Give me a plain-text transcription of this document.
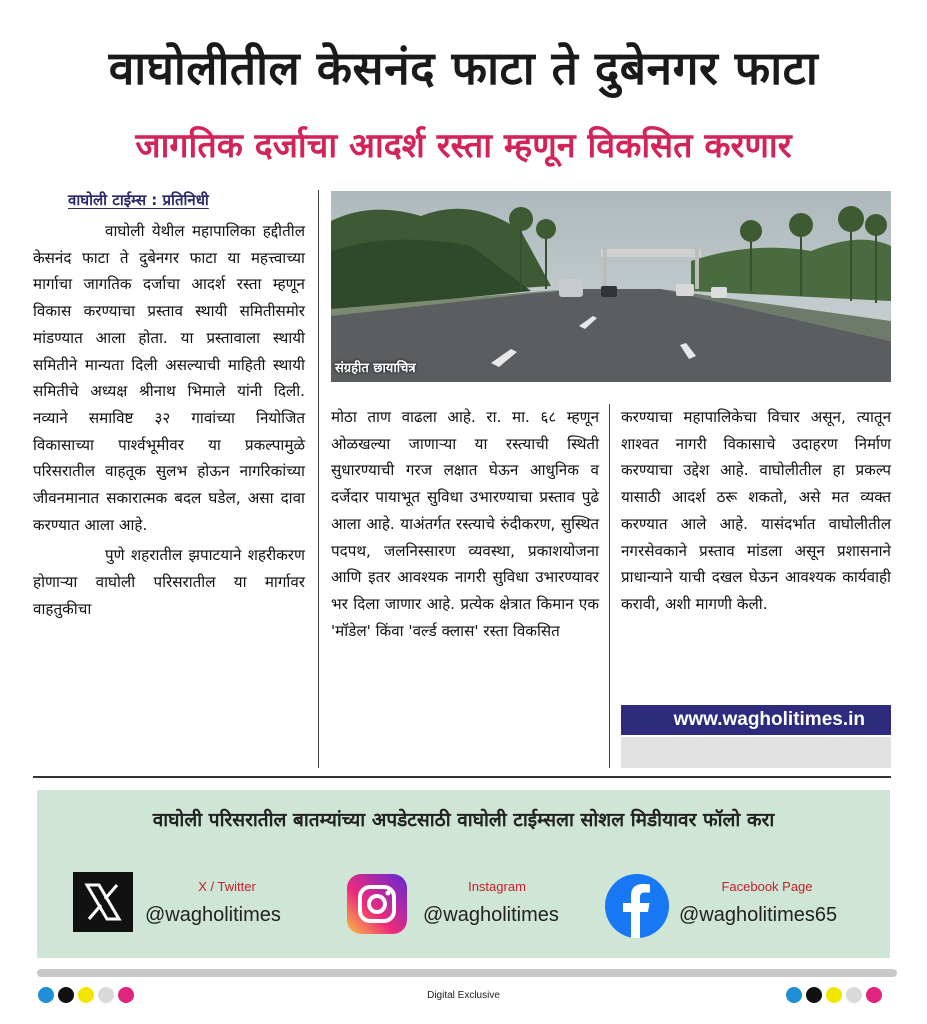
वाघोलीतील केसनंद फाटा ते दुबेनगर फाटा
जागतिक दर्जाचा आदर्श रस्ता म्हणून विकसित करणार
वाघोली टाईम्स : प्रतिनिधी

वाघोली येथील महापालिका हद्दीतील केसनंद फाटा ते दुबेनगर फाटा या महत्त्वाच्या मार्गाचा जागतिक दर्जाचा आदर्श रस्ता म्हणून विकास करण्याचा प्रस्ताव स्थायी समितीसमोर मांडण्यात आला होता. या प्रस्तावाला स्थायी समितीने मान्यता दिली असल्याची माहिती स्थायी समितीचे अध्यक्ष श्रीनाथ भिमाले यांनी दिली. नव्याने समाविष्ट ३२ गावांच्या नियोजित विकासाच्या पार्श्वभूमीवर या प्रकल्पामुळे परिसरातील वाहतूक सुलभ होऊन नागरिकांच्या जीवनमानात सकारात्मक बदल घडेल, असा दावा करण्यात आला आहे.

पुणे शहरातील झपाटयाने शहरीकरण होणाऱ्या वाघोली परिसरातील या मार्गावर वाहतुकीचा

संग्रहीत छायाचित्र

मोठा ताण वाढला आहे. रा. मा. ६८ म्हणून ओळखल्या जाणाऱ्या या रस्त्याची स्थिती सुधारण्याची गरज लक्षात घेऊन आधुनिक व दर्जेदार पायाभूत सुविधा उभारण्याचा प्रस्ताव पुढे आला आहे. याअंतर्गत रस्त्याचे रुंदीकरण, सुस्थित पदपथ, जलनिस्सारण व्यवस्था, प्रकाशयोजना आणि इतर आवश्यक नागरी सुविधा उभारण्यावर भर दिला जाणार आहे. प्रत्येक क्षेत्रात किमान एक 'मॉडेल' किंवा 'वर्ल्ड क्लास' रस्ता विकसित

करण्याचा महापालिकेचा विचार असून, त्यातून शाश्वत नागरी विकासाचे उदाहरण निर्माण करण्याचा उद्देश आहे. वाघोलीतील हा प्रकल्प यासाठी आदर्श ठरू शकतो, असे मत व्यक्त करण्यात आले आहे. यासंदर्भात वाघोलीतील नगरसेवकाने प्रस्ताव मांडला असून प्रशासनाने प्राधान्याने याची दखल घेऊन आवश्यक कार्यवाही करावी, अशी मागणी केली.

www.wagholitimes.in
वाघोली परिसरातील बातम्यांच्या अपडेटसाठी वाघोली टाईम्सला सोशल मिडीयावर फॉलो करा
X / Twitter
@wagholitimes
Instagram
@wagholitimes
Facebook Page
@wagholitimes65
Digital Exclusive
